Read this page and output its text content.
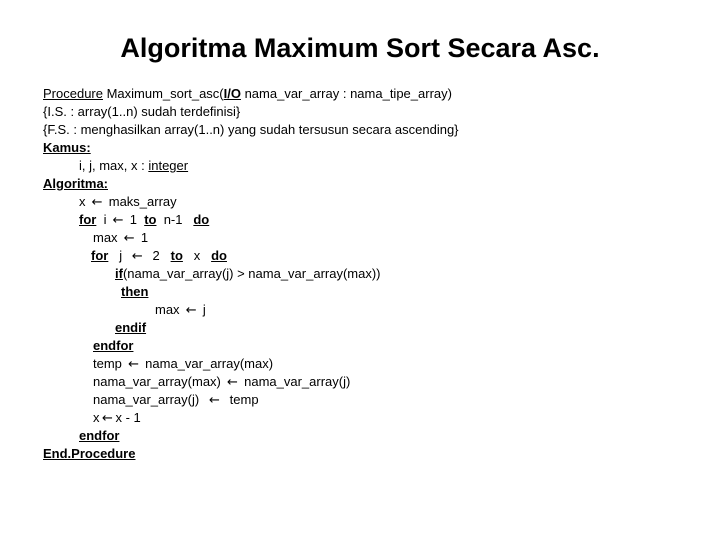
Algoritma Maximum Sort Secara Asc.
Procedure Maximum_sort_asc(I/O nama_var_array : nama_tipe_array)
{I.S. : array(1..n) sudah terdefinisi}
{F.S. : menghasilkan array(1..n) yang sudah tersusun secara ascending}
Kamus:
i, j, max, x : integer
Algoritma:
x ← maks_array
for i ← 1 to n-1 do
max ← 1
for j ← 2 to x do
if(nama_var_array(j) > nama_var_array(max))
then
max ← j
endif
endfor
temp ← nama_var_array(max)
nama_var_array(max) ← nama_var_array(j)
nama_var_array(j) ← temp
x ← x - 1
endfor
End.Procedure
